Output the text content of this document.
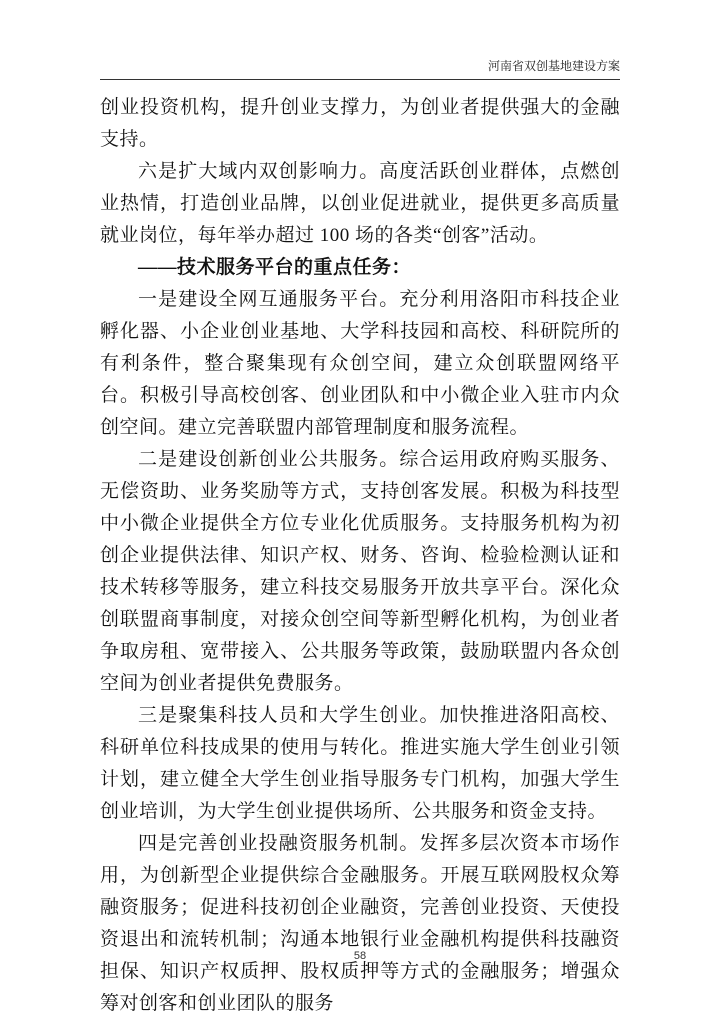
河南省双创基地建设方案

创业投资机构，提升创业支撑力，为创业者提供强大的金融支持。

六是扩大域内双创影响力。高度活跃创业群体，点燃创业热情，打造创业品牌，以创业促进就业，提供更多高质量就业岗位，每年举办超过 100 场的各类“创客”活动。

——技术服务平台的重点任务：

一是建设全网互通服务平台。充分利用洛阳市科技企业孵化器、小企业创业基地、大学科技园和高校、科研院所的有利条件，整合聚集现有众创空间，建立众创联盟网络平台。积极引导高校创客、创业团队和中小微企业入驻市内众创空间。建立完善联盟内部管理制度和服务流程。

二是建设创新创业公共服务。综合运用政府购买服务、无偿资助、业务奖励等方式，支持创客发展。积极为科技型中小微企业提供全方位专业化优质服务。支持服务机构为初创企业提供法律、知识产权、财务、咨询、检验检测认证和技术转移等服务，建立科技交易服务开放共享平台。深化众创联盟商事制度，对接众创空间等新型孵化机构，为创业者争取房租、宽带接入、公共服务等政策，鼓励联盟内各众创空间为创业者提供免费服务。

三是聚集科技人员和大学生创业。加快推进洛阳高校、科研单位科技成果的使用与转化。推进实施大学生创业引领计划，建立健全大学生创业指导服务专门机构，加强大学生创业培训，为大学生创业提供场所、公共服务和资金支持。

四是完善创业投融资服务机制。发挥多层次资本市场作用，为创新型企业提供综合金融服务。开展互联网股权众筹融资服务；促进科技初创企业融资，完善创业投资、天使投资退出和流转机制；沟通本地银行业金融机构提供科技融资担保、知识产权质押、股权质押等方式的金融服务；增强众筹对创客和创业团队的服务

58
